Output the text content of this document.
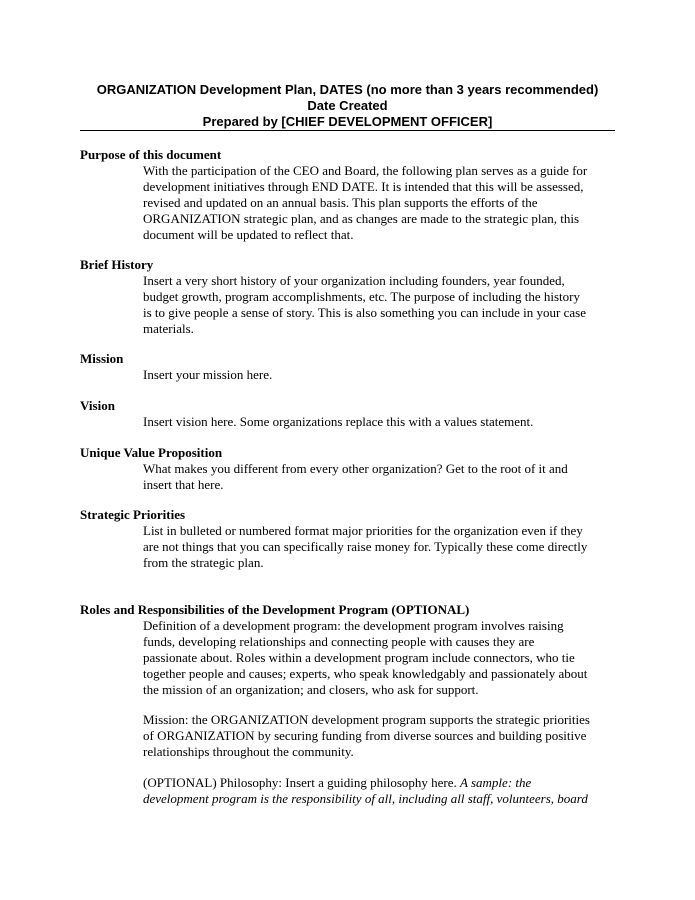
ORGANIZATION Development Plan, DATES (no more than 3 years recommended)
Date Created
Prepared by [CHIEF DEVELOPMENT OFFICER]
Purpose of this document
With the participation of the CEO and Board, the following plan serves as a guide for
development initiatives through END DATE. It is intended that this will be assessed,
revised and updated on an annual basis. This plan supports the efforts of the
ORGANIZATION strategic plan, and as changes are made to the strategic plan, this
document will be updated to reflect that.
Brief History
Insert a very short history of your organization including founders, year founded,
budget growth, program accomplishments, etc. The purpose of including the history
is to give people a sense of story. This is also something you can include in your case
materials.
Mission
Insert your mission here.
Vision
Insert vision here. Some organizations replace this with a values statement.
Unique Value Proposition
What makes you different from every other organization? Get to the root of it and
insert that here.
Strategic Priorities
List in bulleted or numbered format major priorities for the organization even if they
are not things that you can specifically raise money for. Typically these come directly
from the strategic plan.
Roles and Responsibilities of the Development Program (OPTIONAL)
Definition of a development program: the development program involves raising
funds, developing relationships and connecting people with causes they are
passionate about. Roles within a development program include connectors, who tie
together people and causes; experts, who speak knowledgably and passionately about
the mission of an organization; and closers, who ask for support.
Mission: the ORGANIZATION development program supports the strategic priorities
of ORGANIZATION by securing funding from diverse sources and building positive
relationships throughout the community.
(OPTIONAL) Philosophy: Insert a guiding philosophy here. A sample: the
development program is the responsibility of all, including all staff, volunteers, board
